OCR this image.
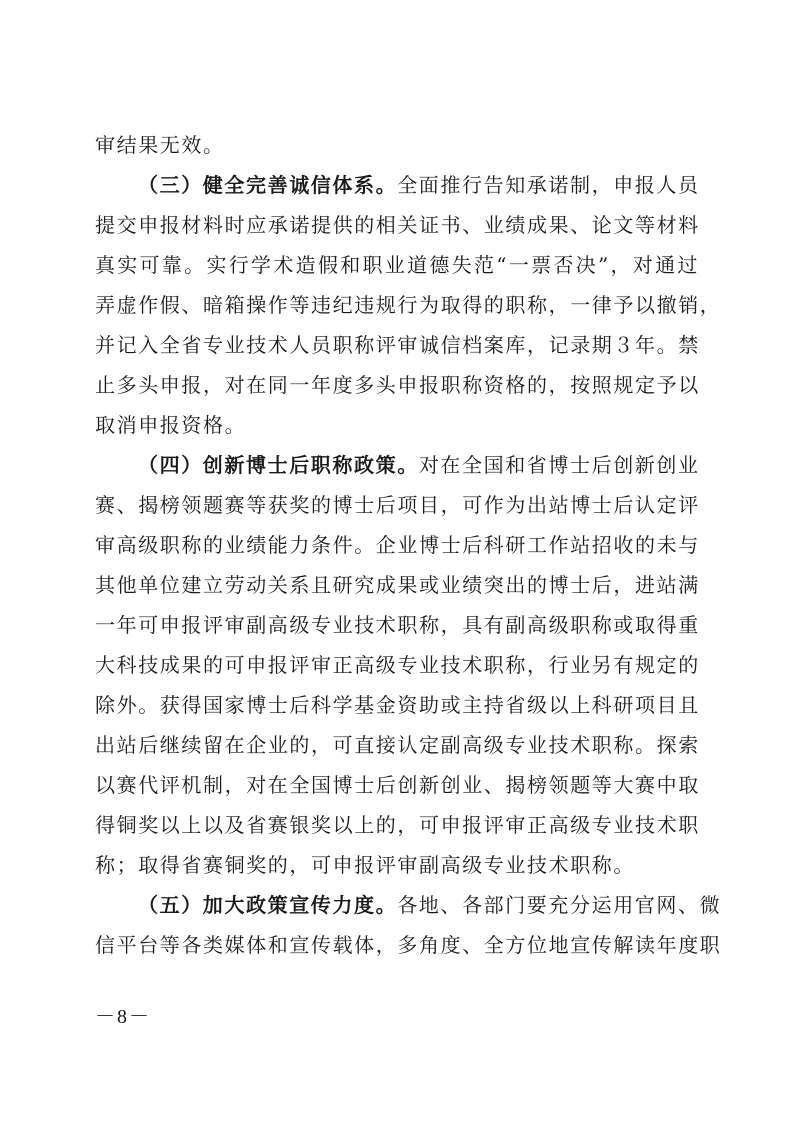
审结果无效。
（三）健全完善诚信体系。全面推行告知承诺制，申报人员
提交申报材料时应承诺提供的相关证书、业绩成果、论文等材料
真实可靠。实行学术造假和职业道德失范“一票否决”，对通过
弄虚作假、暗箱操作等违纪违规行为取得的职称，一律予以撤销，
并记入全省专业技术人员职称评审诚信档案库，记录期３年。禁
止多头申报，对在同一年度多头申报职称资格的，按照规定予以
取消申报资格。
（四）创新博士后职称政策。对在全国和省博士后创新创业
赛、揭榜领题赛等获奖的博士后项目，可作为出站博士后认定评
审高级职称的业绩能力条件。企业博士后科研工作站招收的未与
其他单位建立劳动关系且研究成果或业绩突出的博士后，进站满
一年可申报评审副高级专业技术职称，具有副高级职称或取得重
大科技成果的可申报评审正高级专业技术职称，行业另有规定的
除外。获得国家博士后科学基金资助或主持省级以上科研项目且
出站后继续留在企业的，可直接认定副高级专业技术职称。探索
以赛代评机制，对在全国博士后创新创业、揭榜领题等大赛中取
得铜奖以上以及省赛银奖以上的，可申报评审正高级专业技术职
称；取得省赛铜奖的，可申报评审副高级专业技术职称。
（五）加大政策宣传力度。各地、各部门要充分运用官网、微
信平台等各类媒体和宣传载体，多角度、全方位地宣传解读年度职
－8－
